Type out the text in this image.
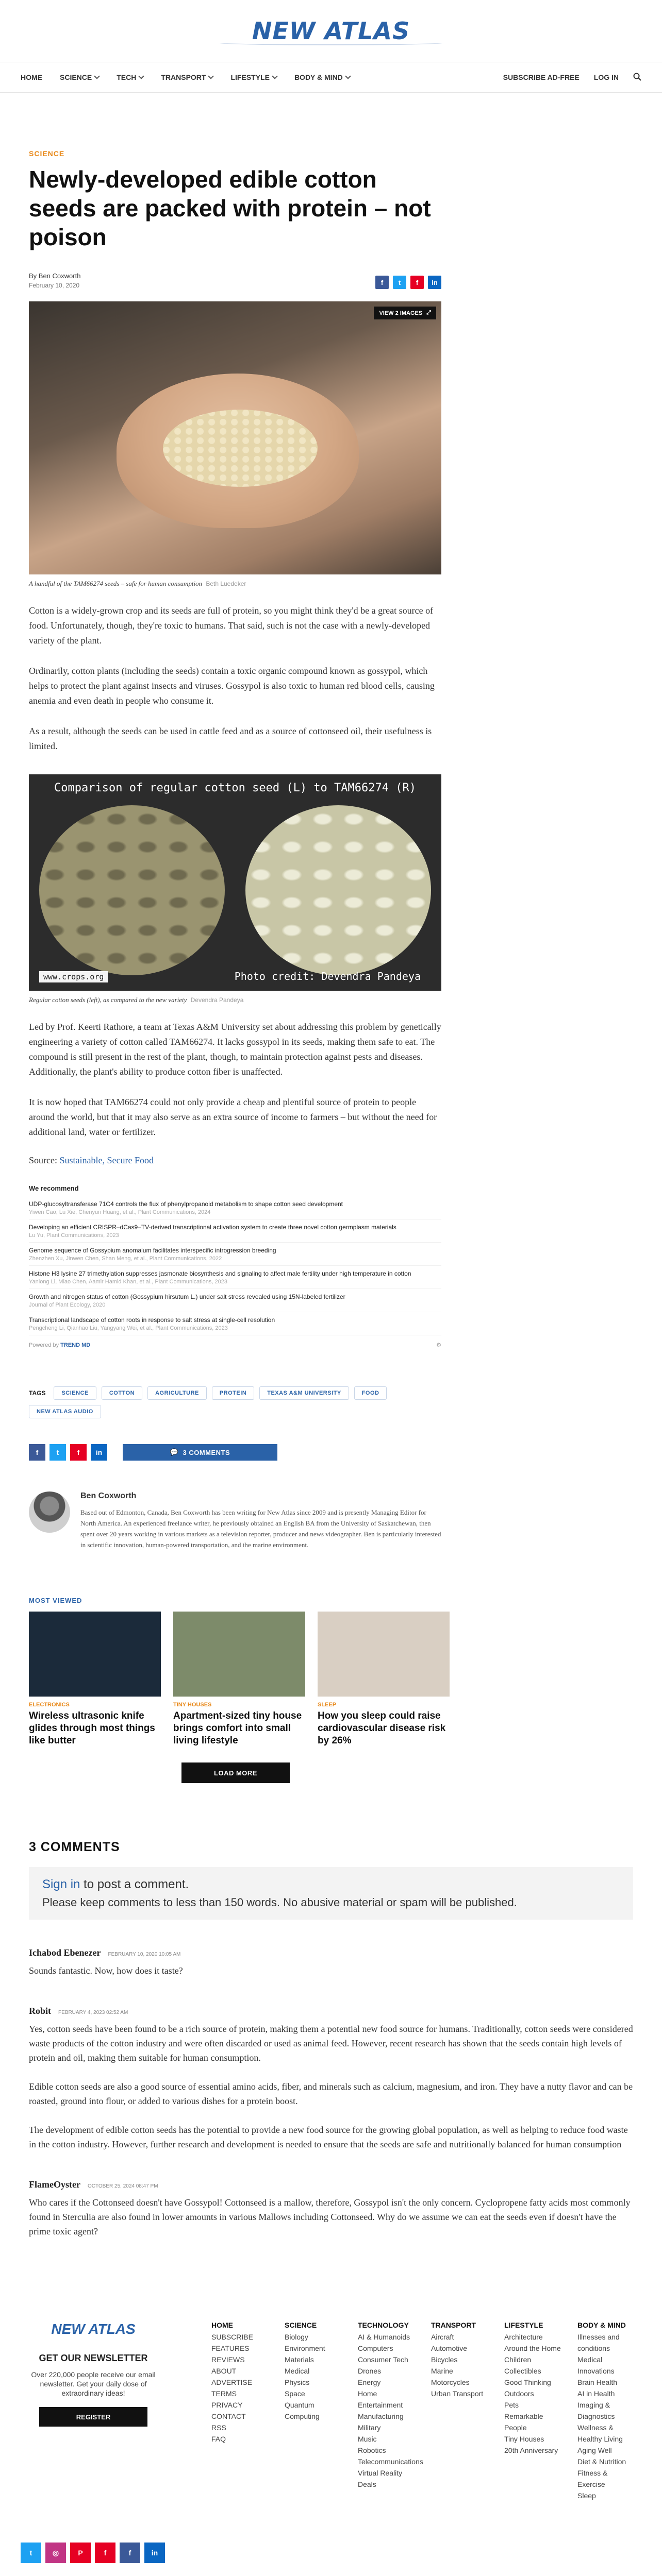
NEW ATLAS
HOME SCIENCE	TECH	TRANSPORT	LIFESTYLE	BODY & MIND	SUBSCRIBE AD-FREE LOG IN
SCIENCE
Newly-developed edible cotton seeds are packed with protein – not poison
By Ben Coxworth
February 10, 2020	f	t	f	in
VIEW 2 IMAGES ⤢
A handful of the TAM66274 seeds – safe for human consumption Beth Luedeker

Cotton is a widely-grown crop and its seeds are full of protein, so you might think they'd be a great source of food. Unfortunately, though, they're toxic to humans. That said, such is not the case with a newly-developed variety of the plant.

Ordinarily, cotton plants (including the seeds) contain a toxic organic compound known as gossypol, which helps to protect the plant against insects and viruses. Gossypol is also toxic to human red blood cells, causing anemia and even death in people who consume it.

As a result, although the seeds can be used in cattle feed and as a source of cottonseed oil, their usefulness is limited.

Comparison of regular cotton seed (L) to TAM66274 (R)
www.crops.org	Photo credit: Devendra Pandeya
Regular cotton seeds (left), as compared to the new variety Devendra Pandeya

Led by Prof. Keerti Rathore, a team at Texas A&M University set about addressing this problem by genetically engineering a variety of cotton called TAM66274. It lacks gossypol in its seeds, making them safe to eat. The compound is still present in the rest of the plant, though, to maintain protection against pests and diseases. Additionally, the plant's ability to produce cotton fiber is unaffected.

It is now hoped that TAM66274 could not only provide a cheap and plentiful source of protein to people around the world, but that it may also serve as an extra source of income to farmers – but without the need for additional land, water or fertilizer.

Source: Sustainable, Secure Food

We recommend
UDP-glucosyltransferase 71C4 controls the flux of phenylpropanoid metabolism to shape cotton seed development
Yiwen Cao, Lu Xie, Chenyun Huang, et al., Plant Communications, 2024
Developing an efficient CRISPR–dCas9–TV-derived transcriptional activation system to create three novel cotton germplasm materials
Lu Yu, Plant Communications, 2023
Genome sequence of Gossypium anomalum facilitates interspecific introgression breeding
Zhenzhen Xu, Jinwen Chen, Shan Meng, et al., Plant Communications, 2022
Histone H3 lysine 27 trimethylation suppresses jasmonate biosynthesis and signaling to affect male fertility under high temperature in cotton
Yanlong Li, Miao Chen, Aamir Hamid Khan, et al., Plant Communications, 2023
Growth and nitrogen status of cotton (Gossypium hirsutum L.) under salt stress revealed using 15N-labeled fertilizer
Journal of Plant Ecology, 2020
Transcriptional landscape of cotton roots in response to salt stress at single-cell resolution
Pengcheng Li, Qianhao Liu, Yangyang Wei, et al., Plant Communications, 2023
Powered by TREND MD	⚙
TAGS	SCIENCE	COTTON	AGRICULTURE	PROTEIN	TEXAS A&M UNIVERSITY	FOOD
NEW ATLAS AUDIO
f	t	f	in	💬 3 COMMENTS
Ben Coxworth
Based out of Edmonton, Canada, Ben Coxworth has been writing for New Atlas since 2009 and is presently Managing Editor for North America. An experienced freelance writer, he previously obtained an English BA from the University of Saskatchewan, then spent over 20 years working in various markets as a television reporter, producer and news videographer. Ben is particularly interested in scientific innovation, human-powered transportation, and the marine environment.
MOST VIEWED
ELECTRONICS
Wireless ultrasonic knife glides through most things like butter
TINY HOUSES
Apartment-sized tiny house brings comfort into small living lifestyle
SLEEP
How you sleep could raise cardiovascular disease risk by 26%
LOAD MORE
3 COMMENTS
Sign in to post a comment.
Please keep comments to less than 150 words. No abusive material or spam will be published.
Ichabod Ebenezer FEBRUARY 10, 2020 10:05 AM

Sounds fantastic. Now, how does it taste?

Robit FEBRUARY 4, 2023 02:52 AM

Yes, cotton seeds have been found to be a rich source of protein, making them a potential new food source for humans. Traditionally, cotton seeds were considered waste products of the cotton industry and were often discarded or used as animal feed. However, recent research has shown that the seeds contain high levels of protein and oil, making them suitable for human consumption.

Edible cotton seeds are also a good source of essential amino acids, fiber, and minerals such as calcium, magnesium, and iron. They have a nutty flavor and can be roasted, ground into flour, or added to various dishes for a protein boost.

The development of edible cotton seeds has the potential to provide a new food source for the growing global population, as well as helping to reduce food waste in the cotton industry. However, further research and development is needed to ensure that the seeds are safe and nutritionally balanced for human consumption

FlameOyster OCTOBER 25, 2024 08:47 PM

Who cares if the Cottonseed doesn't have Gossypol! Cottonseed is a mallow, therefore, Gossypol isn't the only concern. Cyclopropene fatty acids most commonly found in Sterculia are also found in lower amounts in various Mallows including Cottonseed. Why do we assume we can eat the seeds even if doesn't have the prime toxic agent?

NEW ATLAS
GET OUR NEWSLETTER
Over 220,000 people receive our email newsletter. Get your daily dose of extraordinary ideas!
REGISTER
HOME
SUBSCRIBE
FEATURES
REVIEWS
ABOUT
ADVERTISE
TERMS
PRIVACY
CONTACT
RSS
FAQ
SCIENCE
Biology
Environment
Materials
Medical
Physics
Space
Quantum Computing
TECHNOLOGY
AI & Humanoids
Computers
Consumer Tech
Drones
Energy
Home Entertainment
Manufacturing
Military
Music
Robotics
Telecommunications
Virtual Reality
Deals
TRANSPORT
Aircraft
Automotive
Bicycles
Marine
Motorcycles
Urban Transport
LIFESTYLE
Architecture
Around the Home
Children
Collectibles
Good Thinking
Outdoors
Pets
Remarkable People
Tiny Houses
20th Anniversary
BODY & MIND
Illnesses and conditions
Medical Innovations
Brain Health
AI in Health
Imaging & Diagnostics
Wellness & Healthy Living
Aging Well
Diet & Nutrition
Fitness & Exercise
Sleep
t	◎	P	f	f	in
